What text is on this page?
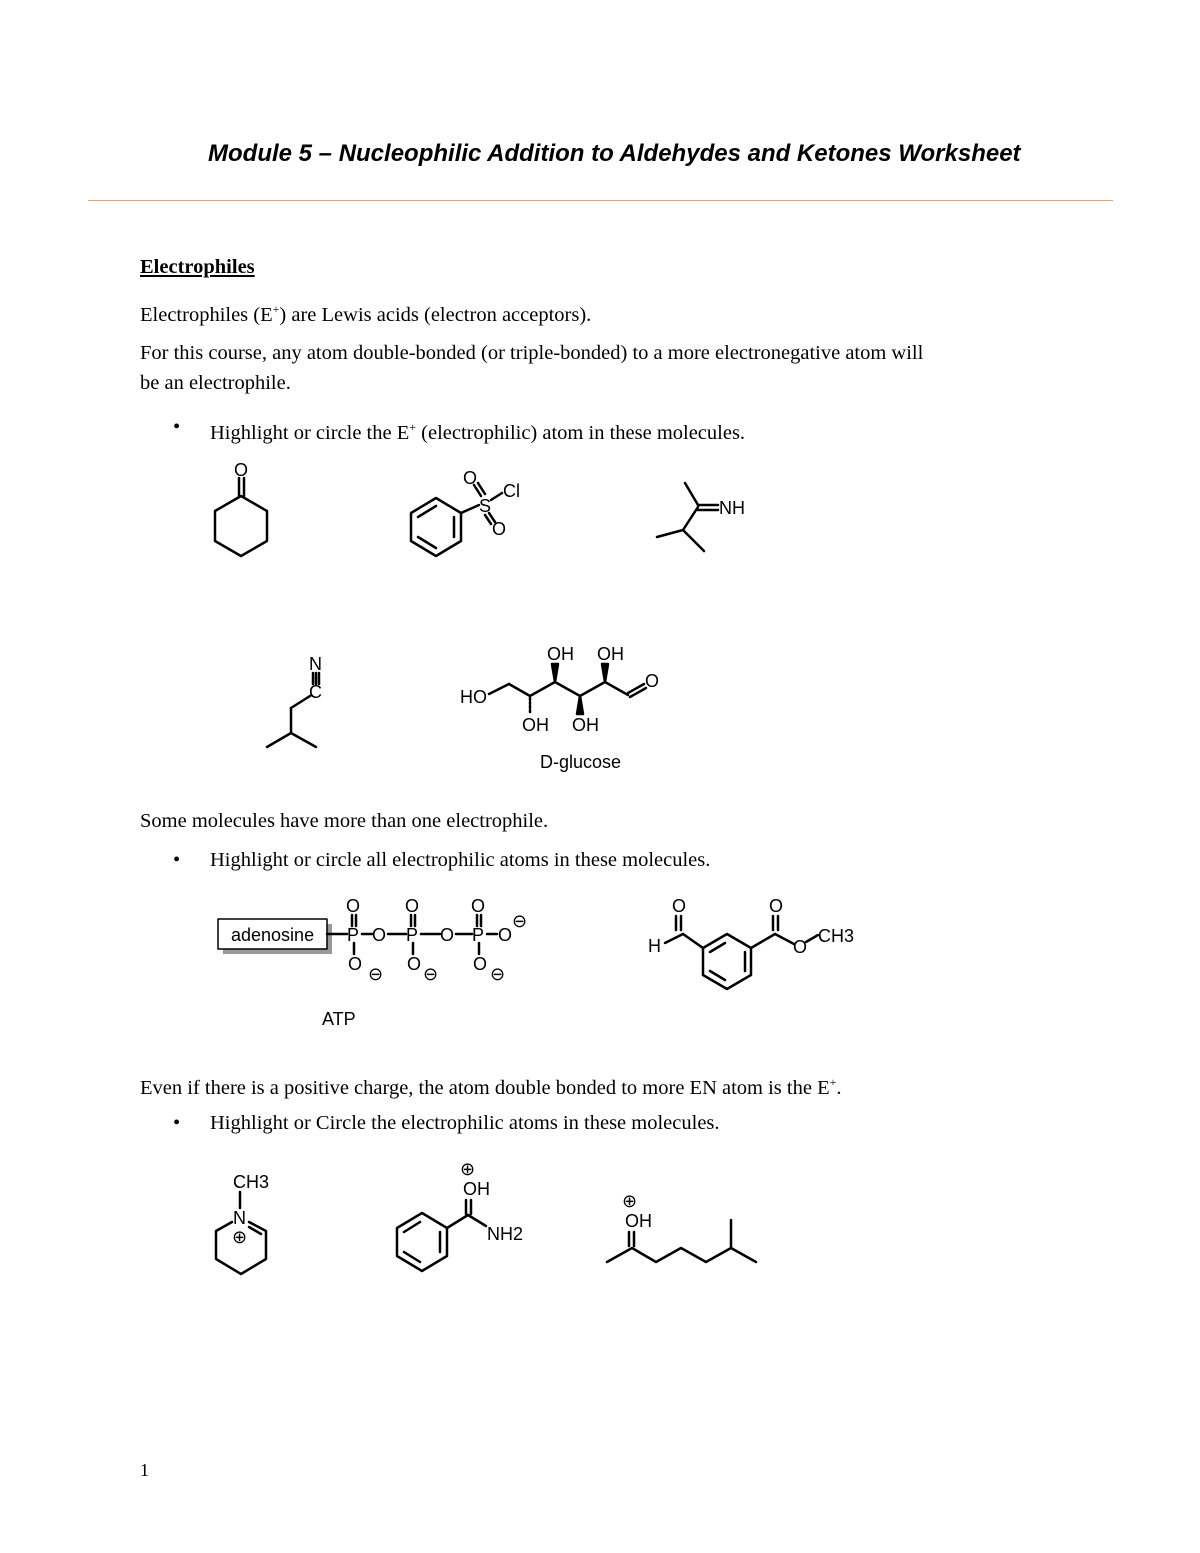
Module 5 – Nucleophilic Addition to Aldehydes and Ketones Worksheet
Electrophiles
Electrophiles (E+) are Lewis acids (electron acceptors).
For this course, any atom double-bonded (or triple-bonded) to a more electronegative atom will
be an electrophile.
• Highlight or circle the E+ (electrophilic) atom in these molecules.
Some molecules have more than one electrophile.
• Highlight or circle all electrophilic atoms in these molecules.
Even if there is a positive charge, the atom double bonded to more EN atom is the E+.
• Highlight or Circle the electrophilic atoms in these molecules.
O	O
S
Cl
O
NH
N
C	HO
OH OH
OH OH
O
D-glucose
adenosine P O P O P O
⊖
O O	O
O ⊖ O ⊖ O ⊖
ATP
O
H
O
O
CH3
CH3
N
⊕
⊕
OH
NH2
⊕
OH
1
